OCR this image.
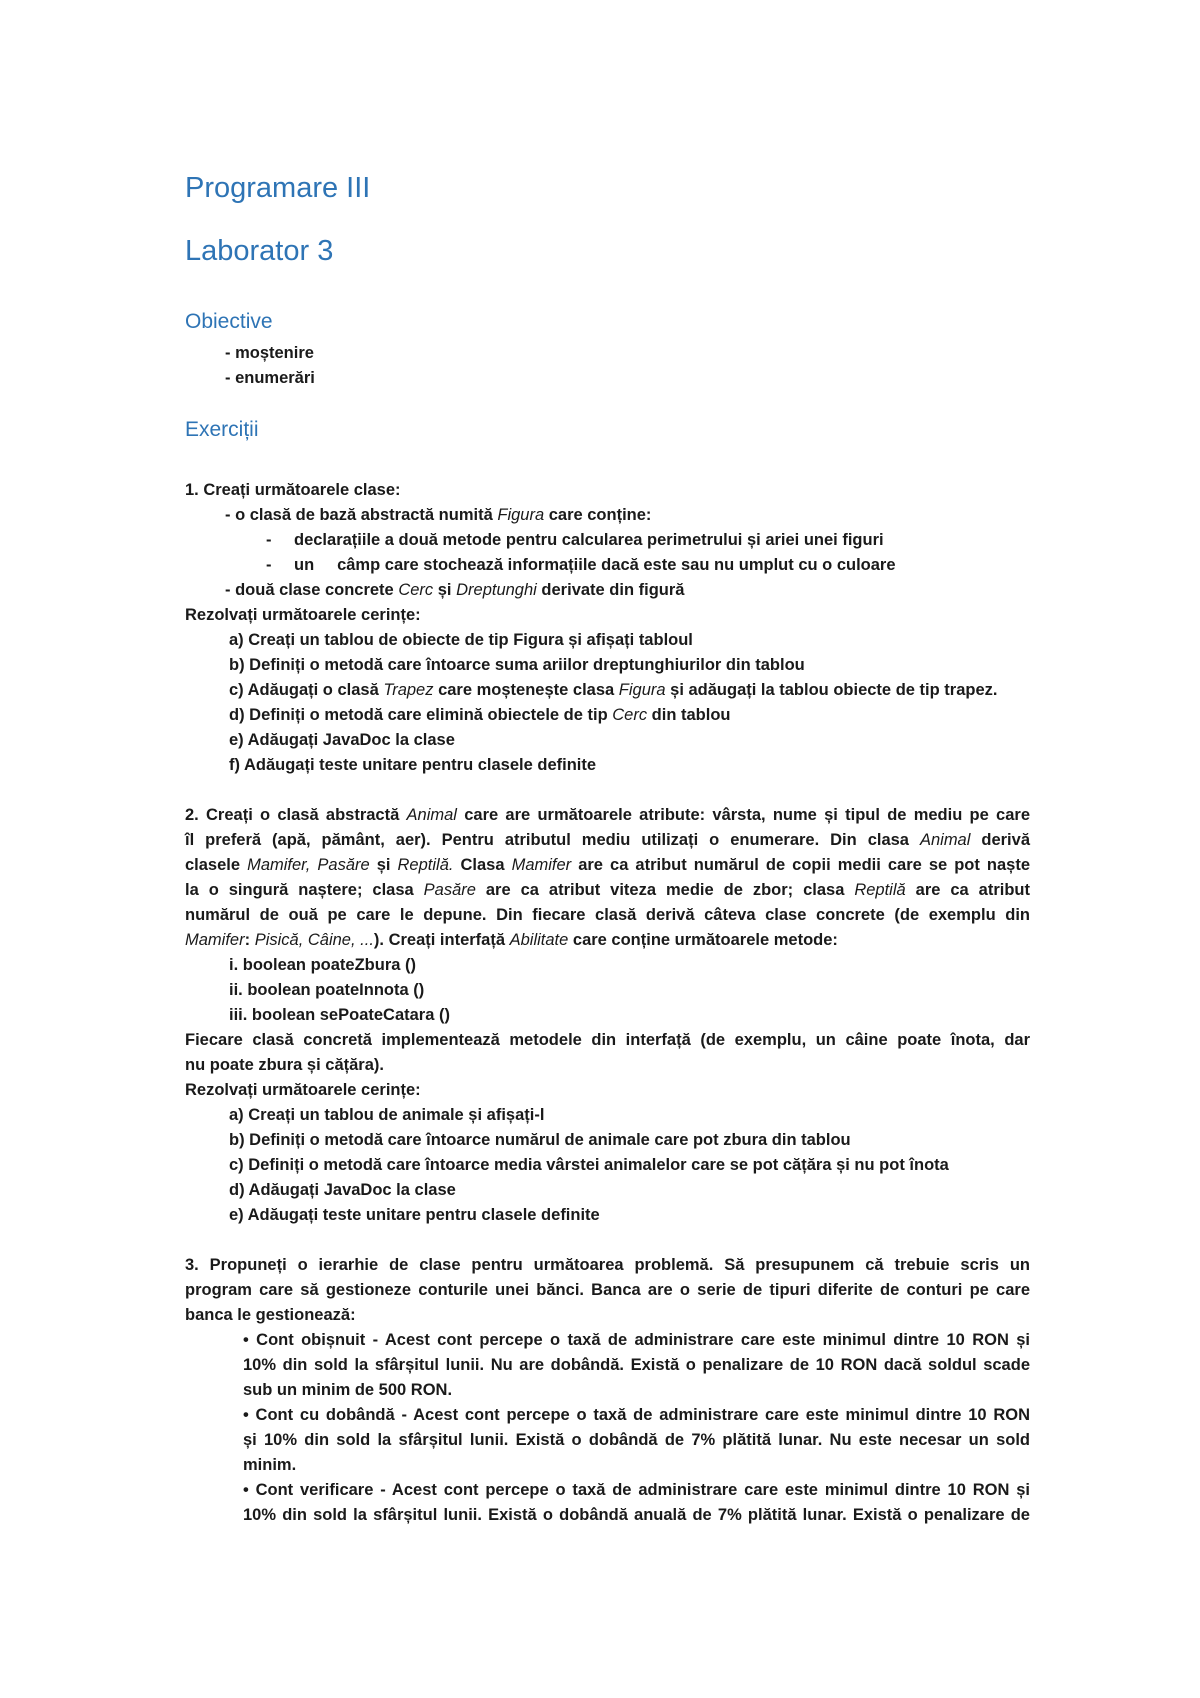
Programare III
Laborator 3
Obiective
- moștenire
- enumerări
Exerciții
1. Creați următoarele clase:
- o clasă de bază abstractă numită Figura care conține:
- declarațiile a două metode pentru calcularea perimetrului și ariei unei figuri
- un     câmp care stochează informațiile dacă este sau nu umplut cu o culoare
- două clase concrete Cerc și Dreptunghi derivate din figură
Rezolvați următoarele cerințe:
a) Creați un tablou de obiecte de tip Figura și afișați tabloul
b) Definiți o metodă care întoarce suma ariilor dreptunghiurilor din tablou
c) Adăugați o clasă Trapez care moștenește clasa Figura și adăugați la tablou obiecte de tip trapez.
d) Definiți o metodă care elimină obiectele de tip Cerc din tablou
e) Adăugați JavaDoc la clase
f) Adăugați teste unitare pentru clasele definite
2. Creați o clasă abstractă Animal care are următoarele atribute: vârsta, nume și tipul de mediu pe care
îl preferă (apă, pământ, aer). Pentru atributul mediu utilizați o enumerare. Din clasa Animal derivă
clasele Mamifer, Pasăre și Reptilă. Clasa Mamifer are ca atribut numărul de copii medii care se pot naște
la o singură naștere; clasa Pasăre are ca atribut viteza medie de zbor; clasa Reptilă are ca atribut
numărul de ouă pe care le depune. Din fiecare clasă derivă câteva clase concrete (de exemplu din
Mamifer: Pisică, Câine, ...). Creați interfață Abilitate care conține următoarele metode:
i. boolean poateZbura ()
ii. boolean poateInnota ()
iii. boolean sePoateCatara ()
Fiecare clasă concretă implementează metodele din interfață (de exemplu, un câine poate înota, dar
nu poate zbura și cățăra).
Rezolvați următoarele cerințe:
a) Creați un tablou de animale și afișați-l
b) Definiți o metodă care întoarce numărul de animale care pot zbura din tablou
c) Definiți o metodă care întoarce media vârstei animalelor care se pot cățăra și nu pot înota
d) Adăugați JavaDoc la clase
e) Adăugați teste unitare pentru clasele definite
3. Propuneți o ierarhie de clase pentru următoarea problemă. Să presupunem că trebuie scris un
program care să gestioneze conturile unei bănci. Banca are o serie de tipuri diferite de conturi pe care
banca le gestionează:
• Cont obișnuit - Acest cont percepe o taxă de administrare care este minimul dintre 10 RON și
10% din sold la sfârșitul lunii. Nu are dobândă. Există o penalizare de 10 RON dacă soldul scade
sub un minim de 500 RON.
• Cont cu dobândă - Acest cont percepe o taxă de administrare care este minimul dintre 10 RON
și 10% din sold la sfârșitul lunii. Există o dobândă de 7% plătită lunar. Nu este necesar un sold
minim.
• Cont verificare - Acest cont percepe o taxă de administrare care este minimul dintre 10 RON și
10% din sold la sfârșitul lunii. Există o dobândă anuală de 7% plătită lunar. Există o penalizare de
